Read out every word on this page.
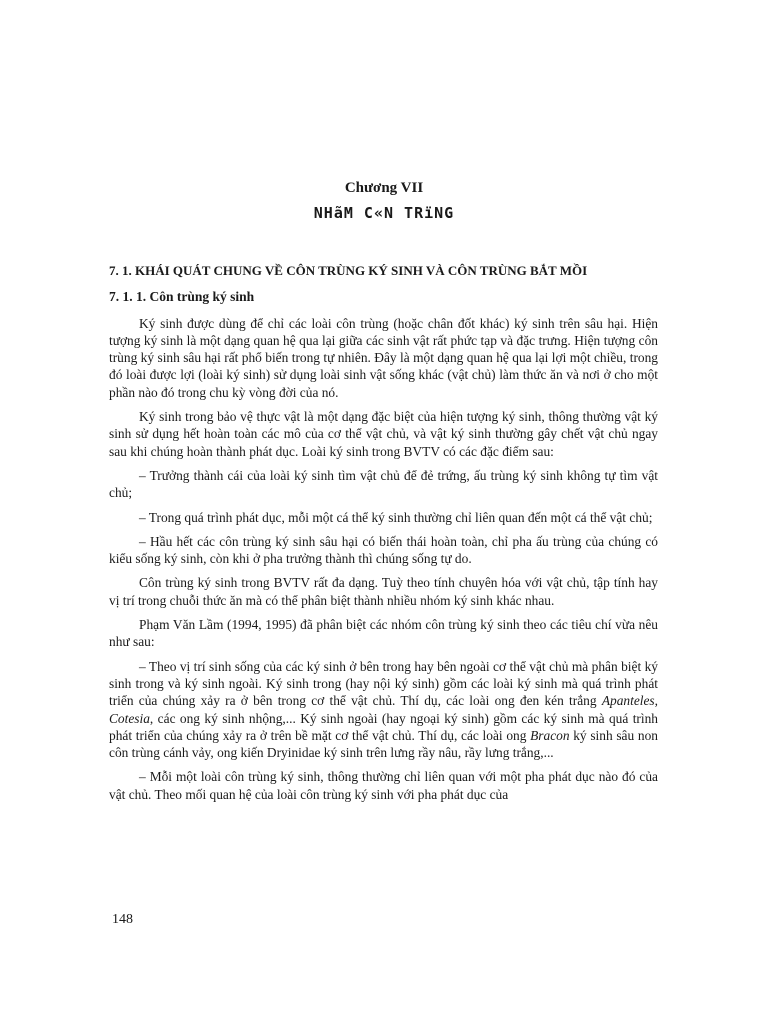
Chương VII
NHãM C«N TRïNG
7. 1. KHÁI QUÁT CHUNG VỀ CÔN TRÙNG KÝ SINH VÀ CÔN TRÙNG BẮT MỒI
7. 1. 1. Côn trùng ký sinh

Ký sinh được dùng để chỉ các loài côn trùng (hoặc chân đốt khác) ký sinh trên sâu hại. Hiện tượng ký sinh là một dạng quan hệ qua lại giữa các sinh vật rất phức tạp và đặc trưng. Hiện tượng côn trùng ký sinh sâu hại rất phổ biến trong tự nhiên. Đây là một dạng quan hệ qua lại lợi một chiều, trong đó loài được lợi (loài ký sinh) sử dụng loài sinh vật sống khác (vật chủ) làm thức ăn và nơi ở cho một phần nào đó trong chu kỳ vòng đời của nó.

Ký sinh trong bảo vệ thực vật là một dạng đặc biệt của hiện tượng ký sinh, thông thường vật ký sinh sử dụng hết hoàn toàn các mô của cơ thể vật chủ, và vật ký sinh thường gây chết vật chủ ngay sau khi chúng hoàn thành phát dục. Loài ký sinh trong BVTV có các đặc điểm sau:

– Trưởng thành cái của loài ký sinh tìm vật chủ để đẻ trứng, ấu trùng ký sinh không tự tìm vật chủ;

– Trong quá trình phát dục, mỗi một cá thể ký sinh thường chỉ liên quan đến một cá thể vật chủ;

– Hầu hết các côn trùng ký sinh sâu hại có biến thái hoàn toàn, chỉ pha ấu trùng của chúng có kiểu sống ký sinh, còn khi ở pha trưởng thành thì chúng sống tự do.

Côn trùng ký sinh trong BVTV rất đa dạng. Tuỳ theo tính chuyên hóa với vật chủ, tập tính hay vị trí trong chuỗi thức ăn mà có thể phân biệt thành nhiều nhóm ký sinh khác nhau.

Phạm Văn Lầm (1994, 1995) đã phân biệt các nhóm côn trùng ký sinh theo các tiêu chí vừa nêu như sau:

– Theo vị trí sinh sống của các ký sinh ở bên trong hay bên ngoài cơ thể vật chủ mà phân biệt ký sinh trong và ký sinh ngoài. Ký sinh trong (hay nội ký sinh) gồm các loài ký sinh mà quá trình phát triển của chúng xảy ra ở bên trong cơ thể vật chủ. Thí dụ, các loài ong đen kén trắng Apanteles, Cotesia, các ong ký sinh nhộng,... Ký sinh ngoài (hay ngoại ký sinh) gồm các ký sinh mà quá trình phát triển của chúng xảy ra ở trên bề mặt cơ thể vật chủ. Thí dụ, các loài ong Bracon ký sinh sâu non côn trùng cánh vảy, ong kiến Dryinidae ký sinh trên lưng rầy nâu, rầy lưng trắng,...

– Mỗi một loài côn trùng ký sinh, thông thường chỉ liên quan với một pha phát dục nào đó của vật chủ. Theo mối quan hệ của loài côn trùng ký sinh với pha phát dục của

148
